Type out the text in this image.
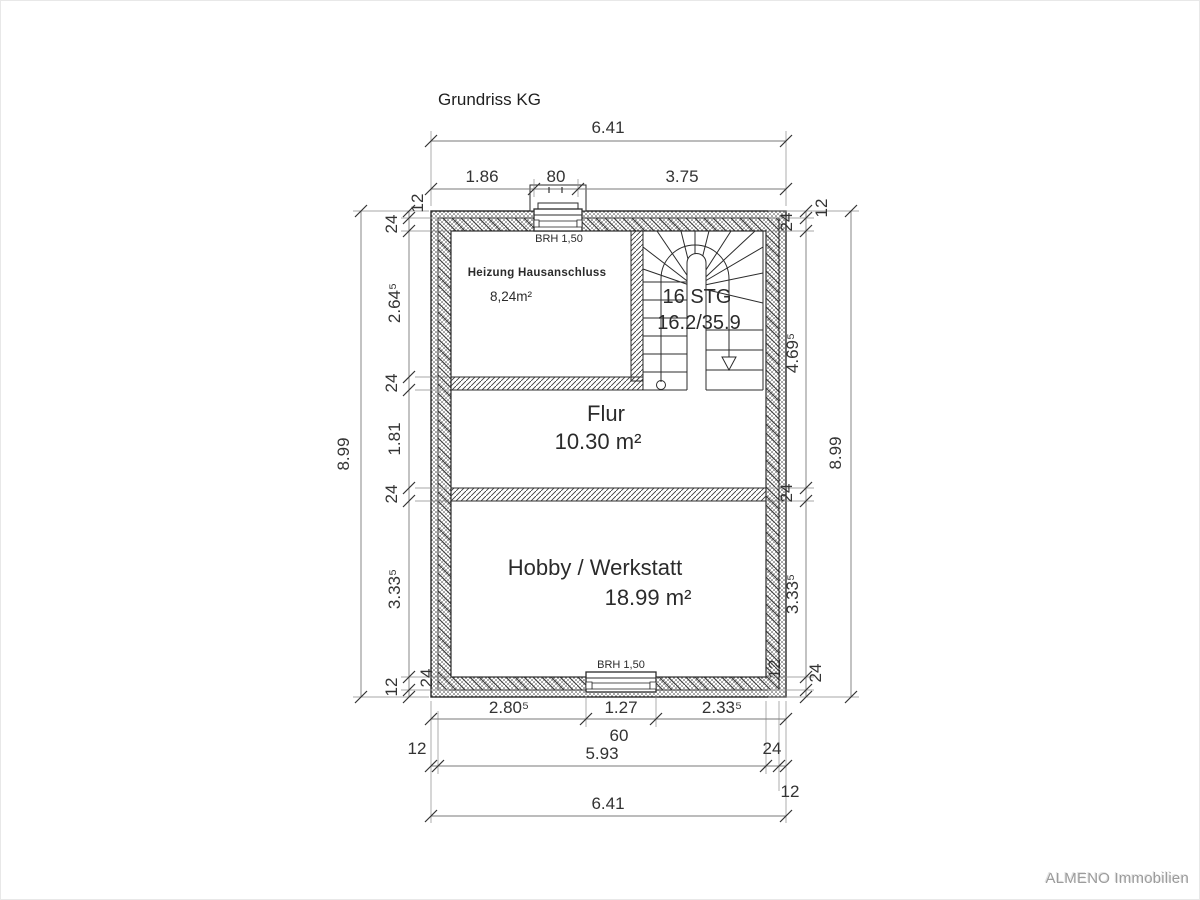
Grundriss KG
16 STG
16.2/35.9
BRH 1,50
BRH 1,50
Heizung Hausanschluss
8,24m²
Flur
10.30 m²
Hobby / Werkstatt
18.99 m²
6.41
1.86	80	3.75
2.80⁵	1.27	2.33⁵
60
12	5.93	24
12
6.41
8.99
12
24
2.64⁵
24
1.81
24
3.33⁵
24
12
8.99
24
12
4.69⁵
24
3.33⁵
12 24
ALMENO Immobilien
